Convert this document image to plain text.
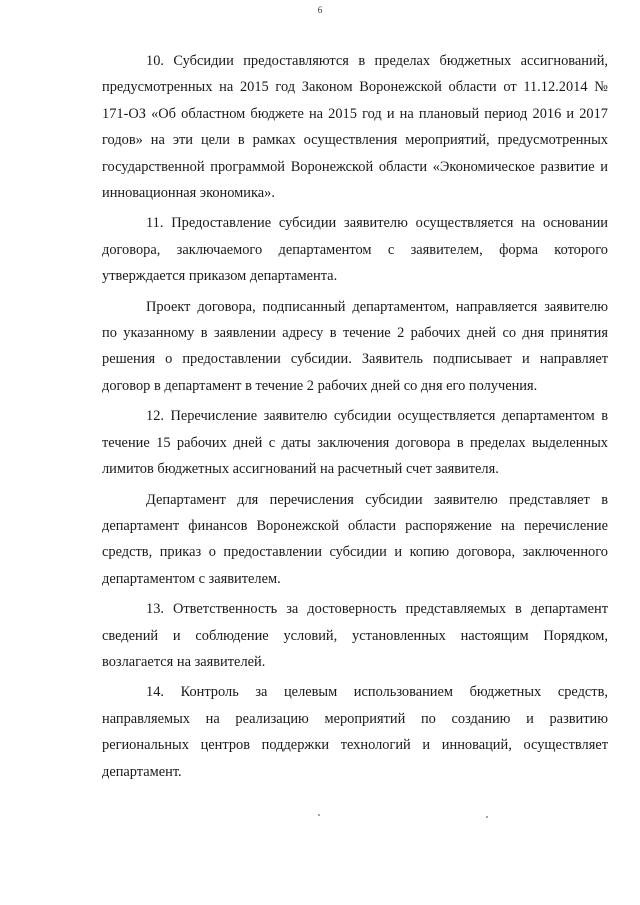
6

10. Субсидии предоставляются в пределах бюджетных ассигнований, предусмотренных на 2015 год Законом Воронежской области от 11.12.2014 № 171-ОЗ «Об областном бюджете на 2015 год и на плановый период 2016 и 2017 годов» на эти цели в рамках осуществления мероприятий, предусмотренных государственной программой Воронежской области «Экономическое развитие и инновационная экономика».

11. Предоставление субсидии заявителю осуществляется на основании договора, заключаемого департаментом с заявителем, форма которого утверждается приказом департамента.

Проект договора, подписанный департаментом, направляется заявителю по указанному в заявлении адресу в течение 2 рабочих дней со дня принятия решения о предоставлении субсидии. Заявитель подписывает и направляет договор в департамент в течение 2 рабочих дней со дня его получения.

12. Перечисление заявителю субсидии осуществляется департаментом в течение 15 рабочих дней с даты заключения договора в пределах выделенных лимитов бюджетных ассигнований на расчетный счет заявителя.

Департамент для перечисления субсидии заявителю представляет в департамент финансов Воронежской области распоряжение на перечисление средств, приказ о предоставлении субсидии и копию договора, заключенного департаментом с заявителем.

13. Ответственность за достоверность представляемых в департамент сведений и соблюдение условий, установленных настоящим Порядком, возлагается на заявителей.

14. Контроль за целевым использованием бюджетных средств, направляемых на реализацию мероприятий по созданию и развитию региональных центров поддержки технологий и инноваций, осуществляет департамент.
